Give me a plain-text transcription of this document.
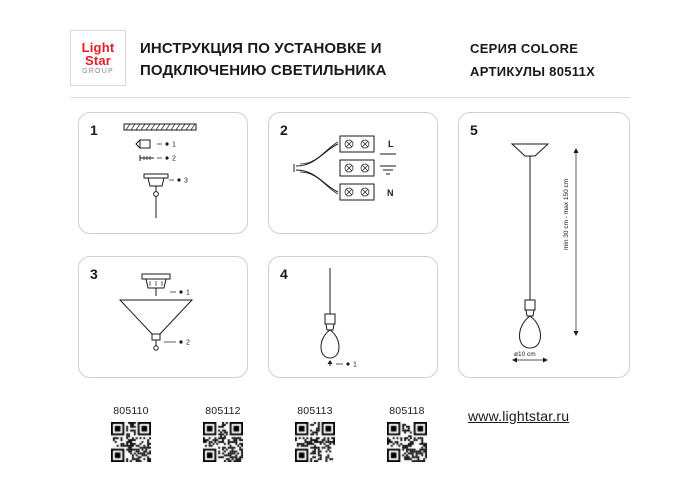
Light
Star
GROUP
ИНСТРУКЦИЯ ПО УСТАНОВКЕ И
ПОДКЛЮЧЕНИЮ СВЕТИЛЬНИКА
СЕРИЯ COLORE
АРТИКУЛЫ 80511X
1	2
3	4
5
1
2
3
L
N
1
2
1
min 30 cm - max 150 cm
ø10 cm
805110	805112	805113	805118	www.lightstar.ru
